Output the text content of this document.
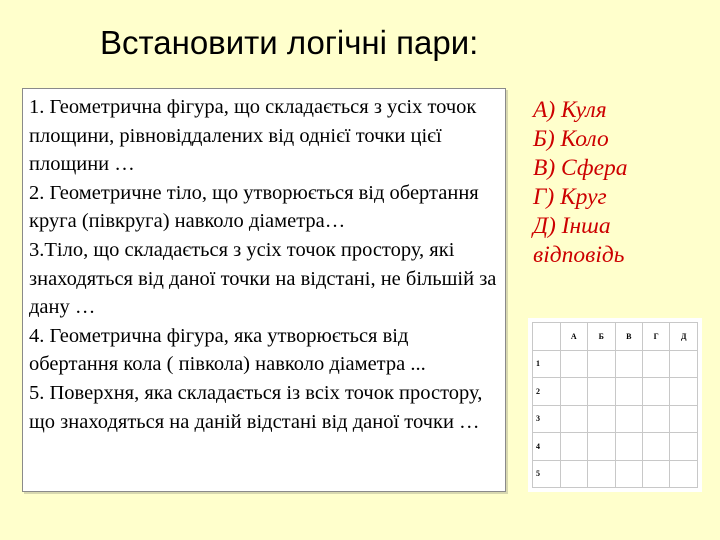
Встановити логічні пари:

1. Геометрична фігура, що складається з усіх точок площини, рівновіддалених від однієї точки цієї площини …

2. Геометричне тіло, що утворюється від обертання круга (півкруга) навколо діаметра…

3.Тіло, що складається з усіх точок простору, які знаходяться від даної точки на відстані, не більшій за дану …

4. Геометрична фігура, яка утворюється від обертання кола ( півкола) навколо діаметра ...

5. Поверхня, яка складається із всіх точок простору, що знаходяться на даній відстані від даної точки …

А) Куля

Б) Коло

В) Сфера

Г) Круг

Д) Інша

відповідь

	А	Б	В	Г	Д
1					
2					
3					
4					
5					
